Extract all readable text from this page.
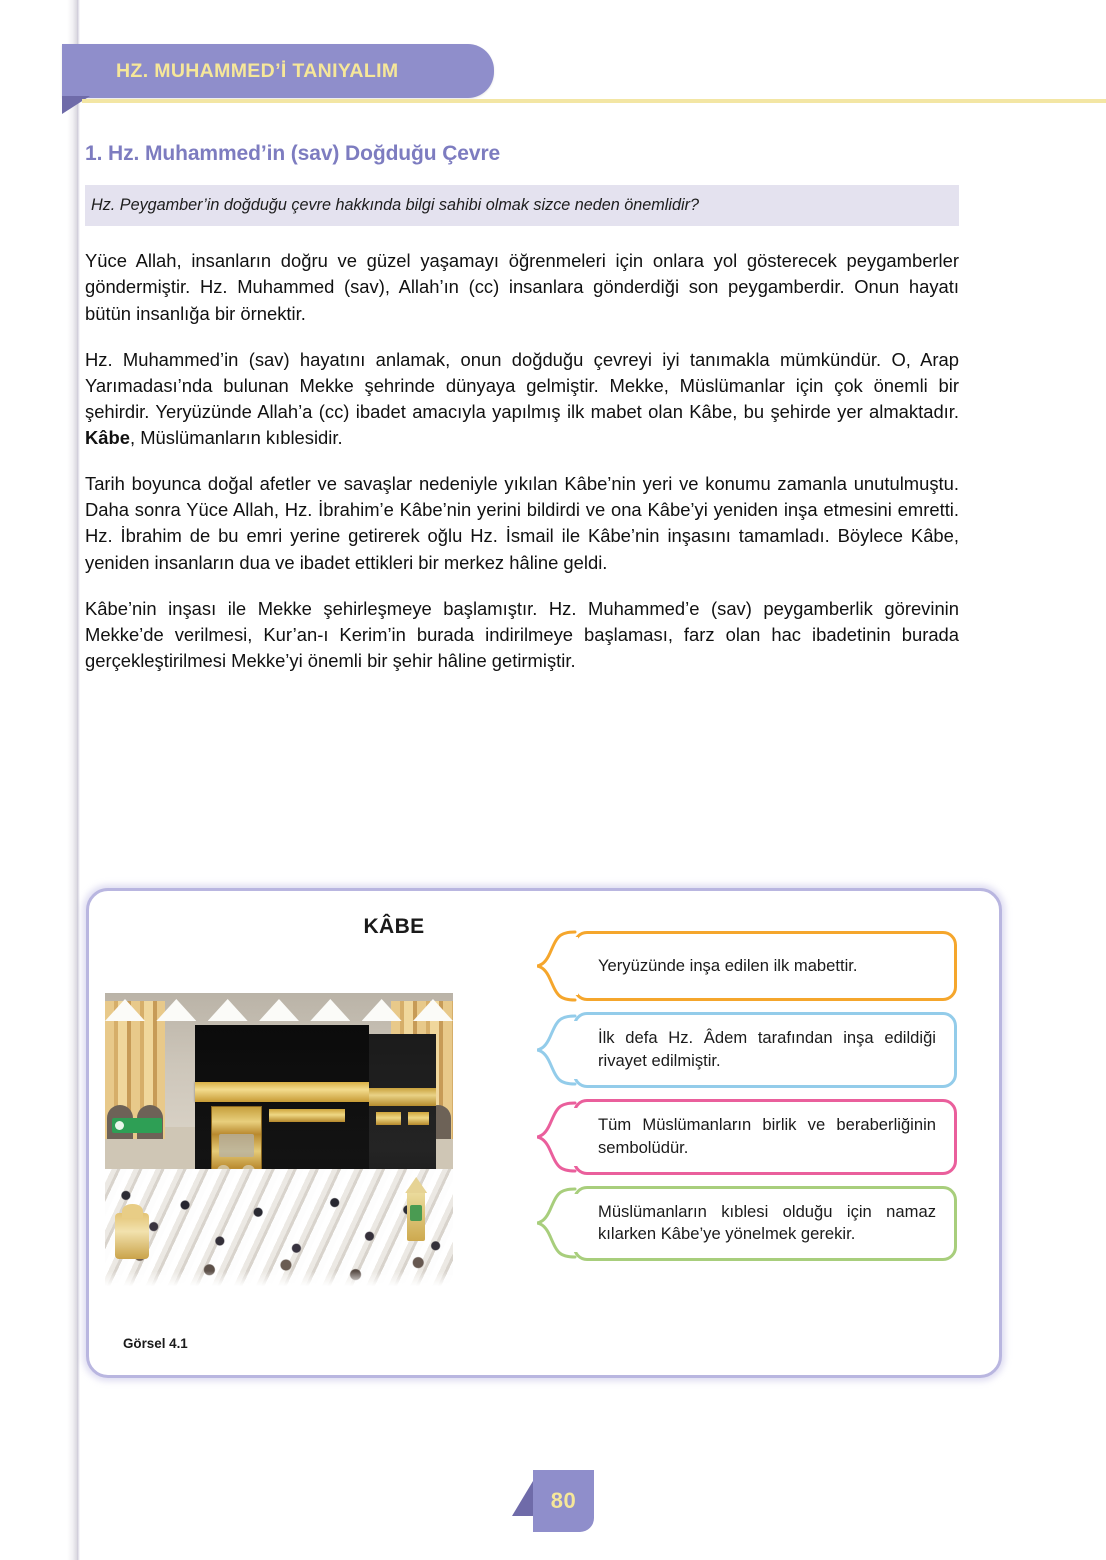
HZ. MUHAMMED’İ TANIYALIM
1. Hz. Muhammed’in (sav) Doğduğu Çevre
Hz. Peygamber’in doğduğu çevre hakkında bilgi sahibi olmak sizce neden önemlidir?

Yüce Allah, insanların doğru ve güzel yaşamayı öğrenmeleri için onlara yol gösterecek peygamberler göndermiştir. Hz. Muhammed (sav), Allah’ın (cc) insanlara gönderdiği son peygamberdir. Onun hayatı bütün insanlığa bir örnektir.

Hz. Muhammed’in (sav) hayatını anlamak, onun doğduğu çevreyi iyi tanımakla mümkündür. O, Arap Yarımadası’nda bulunan Mekke şehrinde dünyaya gelmiştir. Mekke, Müslümanlar için çok önemli bir şehirdir. Yeryüzünde Allah’a (cc) ibadet amacıyla yapılmış ilk mabet olan Kâbe, bu şehirde yer almaktadır. Kâbe, Müslümanların kıblesidir.

Tarih boyunca doğal afetler ve savaşlar nedeniyle yıkılan Kâbe’nin yeri ve konumu zamanla unutulmuştu. Daha sonra Yüce Allah, Hz. İbrahim’e Kâbe’nin yerini bildirdi ve ona Kâbe’yi yeniden inşa etmesini emretti. Hz. İbrahim de bu emri yerine getirerek oğlu Hz. İsmail ile Kâbe’nin inşasını tamamladı. Böylece Kâbe, yeniden insanların dua ve ibadet ettikleri bir merkez hâline geldi.

Kâbe’nin inşası ile Mekke şehirleşmeye başlamıştır. Hz. Muhammed’e (sav) peygamberlik görevinin Mekke’de verilmesi, Kur’an-ı Kerim’in burada indirilmeye başlaması, farz olan hac ibadetinin burada gerçekleştirilmesi Mekke’yi önemli bir şehir hâline getirmiştir.

KÂBE
Yeryüzünde inşa edilen ilk mabettir.
İlk defa Hz. Âdem tarafından inşa edildiği rivayet edilmiştir.
Tüm Müslümanların birlik ve beraberliğinin sembolüdür.
Müslümanların kıblesi olduğu için namaz kılarken Kâbe’ye yönelmek gerekir.
Görsel 4.1
80
